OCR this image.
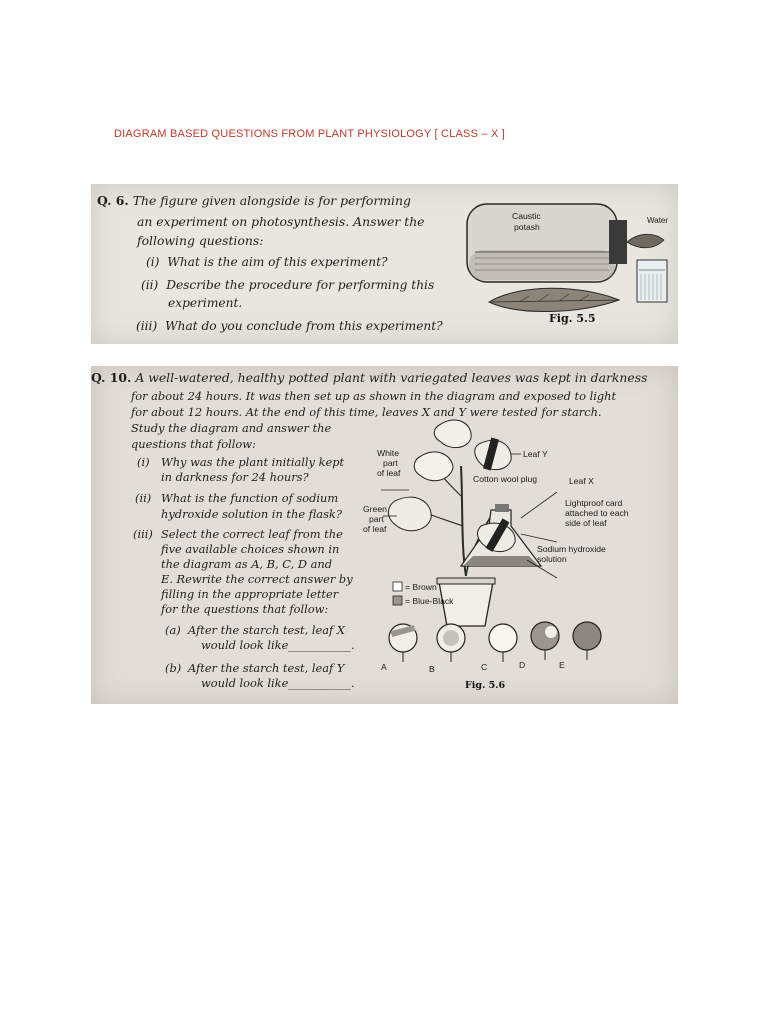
DIAGRAM BASED QUESTIONS FROM PLANT PHYSIOLOGY [ CLASS – X ]
Q. 6. The figure given alongside is for performing
an experiment on photosynthesis. Answer the
following questions:
(i) What is the aim of this experiment?
(ii) Describe the procedure for performing this
experiment.
(iii) What do you conclude from this experiment?
Caustic
potash
Water
Fig. 5.5
Q. 10. A well-watered, healthy potted plant with variegated leaves was kept in darkness
for about 24 hours. It was then set up as shown in the diagram and exposed to light
for about 12 hours. At the end of this time, leaves X and Y were tested for starch.
Study the diagram and answer the
questions that follow:
(i) Why was the plant initially kept
in darkness for 24 hours?
(ii) What is the function of sodium
hydroxide solution in the flask?
(iii) Select the correct leaf from the
five available choices shown in
the diagram as A, B, C, D and
E. Rewrite the correct answer by
filling in the appropriate letter
for the questions that follow:
(a) After the starch test, leaf X
would look like___________.
(b) After the starch test, leaf Y
would look like___________.
White
part
of leaf
Green
part
of leaf
Leaf Y
Cotton wool plug	Leaf X
Lightproof card
attached to each
side of leaf
Sodium hydroxide
solution
= Brown
= Blue-Black
A	B	C	D	E
Fig. 5.6
